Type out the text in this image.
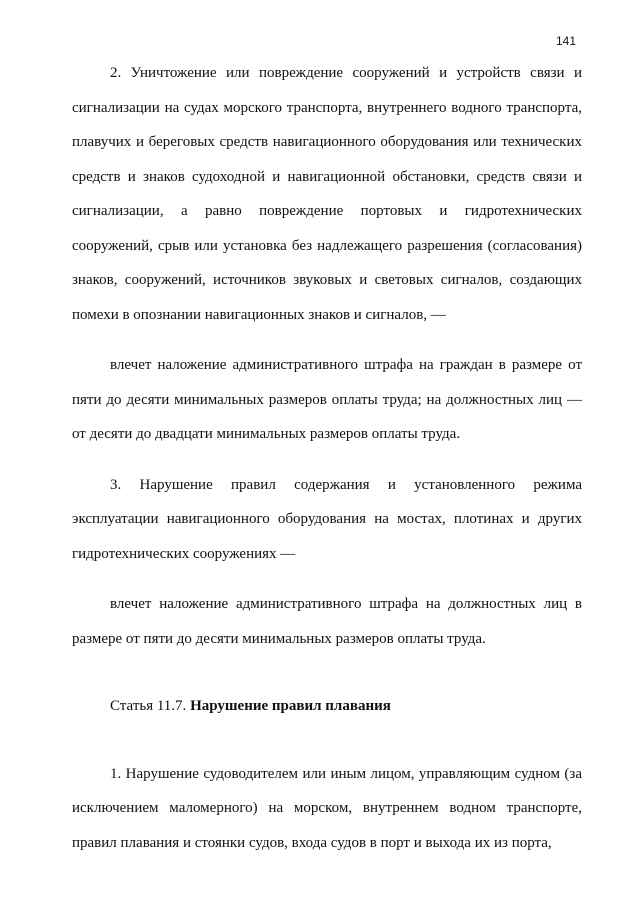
141

2. Уничтожение или повреждение сооружений и устройств связи и сигнализации на судах морского транспорта, внутреннего водного транспорта, плавучих и береговых средств навигационного оборудования или технических средств и знаков судоходной и навигационной обстановки, средств связи и сигнализации, а равно повреждение портовых и гидротехнических сооружений, срыв или установка без надлежащего разрешения (согласования) знаков, сооружений, источников звуковых и световых сигналов, создающих помехи в опознании навигационных знаков и сигналов, —

влечет наложение административного штрафа на граждан в размере от пяти до десяти минимальных размеров оплаты труда; на должностных лиц — от десяти до двадцати минимальных размеров оплаты труда.

3. Нарушение правил содержания и установленного режима эксплуатации навигационного оборудования на мостах, плотинах и других гидротехнических сооружениях —

влечет наложение административного штрафа на должностных лиц в размере от пяти до десяти минимальных размеров оплаты труда.

Статья 11.7. Нарушение правил плавания

1. Нарушение судоводителем или иным лицом, управляющим судном (за исключением маломерного) на морском, внутреннем водном транспорте, правил плавания и стоянки судов, входа судов в порт и выхода их из порта,
